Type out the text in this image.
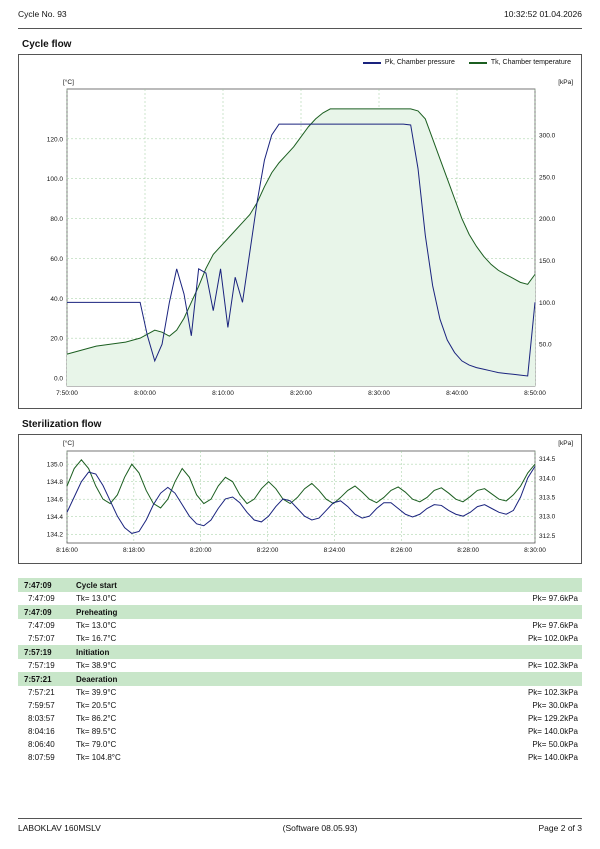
Cycle No. 93	10:32:52 01.04.2026
Cycle flow
Pk, Chamber pressure	Tk, Chamber temperature
[°C]	[kPa]
0.0
20.0
40.0
60.0
80.0
100.0
120.0
50.0
100.0
150.0
200.0
250.0
300.0
7:50:00	8:00:00	8:10:00	8:20:00	8:30:00	8:40:00	8:50:00
Sterilization flow
[°C]	[kPa]
134.2
134.4
134.6
134.8
135.0
312.5
313.0
313.5
314.0
314.5
8:16:00	8:18:00	8:20:00	8:22:00	8:24:00	8:26:00	8:28:00	8:30:00
7:47:09	Cycle start
7:47:09	Tk= 13.0°C	Pk= 97.6kPa
7:47:09	Preheating
7:47:09	Tk= 13.0°C	Pk= 97.6kPa
7:57:07	Tk= 16.7°C	Pk= 102.0kPa
7:57:19	Initiation
7:57:19	Tk= 38.9°C	Pk= 102.3kPa
7:57:21	Deaeration
7:57:21	Tk= 39.9°C	Pk= 102.3kPa
7:59:57	Tk= 20.5°C	Pk= 30.0kPa
8:03:57	Tk= 86.2°C	Pk= 129.2kPa
8:04:16	Tk= 89.5°C	Pk= 140.0kPa
8:06:40	Tk= 79.0°C	Pk= 50.0kPa
8:07:59	Tk= 104.8°C	Pk= 140.0kPa
LABOKLAV 160MSLV	(Software 08.05.93)	Page 2 of 3
